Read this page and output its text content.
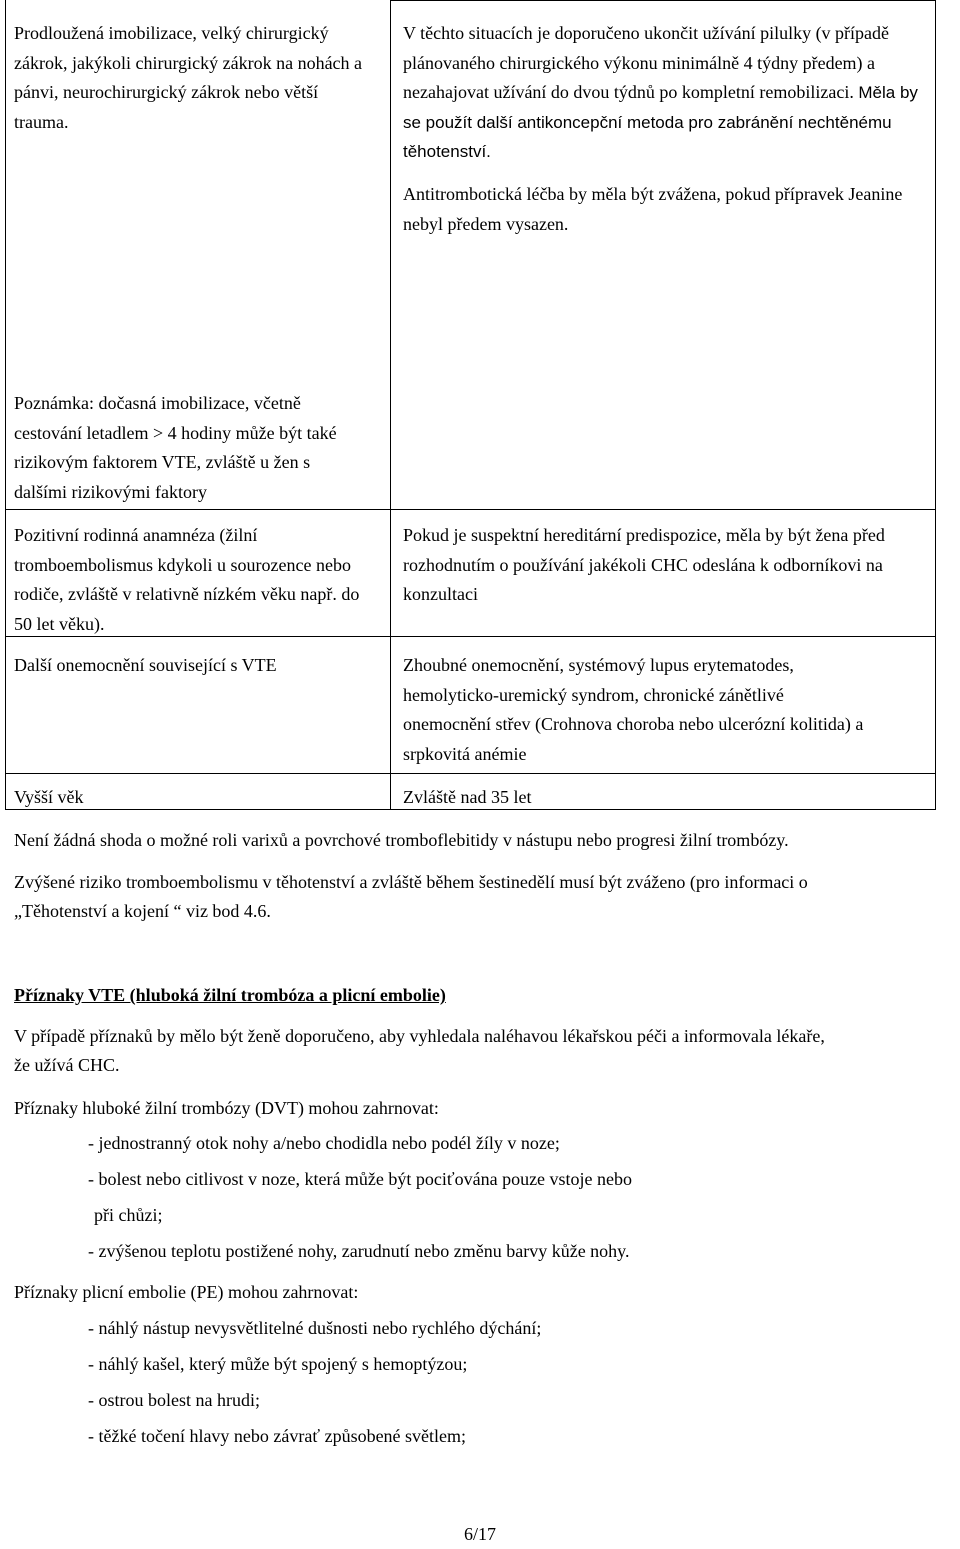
Prodloužená imobilizace, velký chirurgický zákrok, jakýkoli chirurgický zákrok na nohách a pánvi, neurochirurgický zákrok nebo větší trauma.
V těchto situacích je doporučeno ukončit užívání pilulky (v případě plánovaného chirurgického výkonu minimálně 4 týdny předem) a nezahajovat užívání do dvou týdnů po kompletní remobilizaci. Měla by se použít další antikoncepční metoda pro zabránění nechtěnému těhotenství.
Antitrombotická léčba by měla být zvážena, pokud přípravek Jeanine nebyl předem vysazen.
Poznámka: dočasná imobilizace, včetně cestování letadlem > 4 hodiny může být také rizikovým faktorem VTE, zvláště u žen s dalšími rizikovými faktory
Pozitivní rodinná anamnéza (žilní tromboembolismus kdykoli u sourozence nebo rodiče, zvláště v relativně nízkém věku např. do 50 let věku).
Pokud je suspektní hereditární predispozice, měla by být žena před rozhodnutím o používání jakékoli CHC odeslána k odborníkovi na konzultaci
Další onemocnění související s VTE	Zhoubné onemocnění, systémový lupus erytematodes, hemolyticko-uremický syndrom, chronické zánětlivé onemocnění střev (Crohnova choroba nebo ulcerózní kolitida) a srpkovitá anémie
Vyšší věk	Zvláště nad 35 let
Není žádná shoda o možné roli varixů a povrchové tromboflebitidy v nástupu nebo progresi žilní trombózy.
Zvýšené riziko tromboembolismu v těhotenství a zvláště během šestinedělí musí být zváženo (pro informaci o
„Těhotenství a kojení “ viz bod 4.6.
Příznaky VTE (hluboká žilní trombóza a plicní embolie)
V případě příznaků by mělo být ženě doporučeno, aby vyhledala naléhavou lékařskou péči a informovala lékaře,
že užívá CHC.
Příznaky hluboké žilní trombózy (DVT) mohou zahrnovat:
- jednostranný otok nohy a/nebo chodidla nebo podél žíly v noze;
- bolest nebo citlivost v noze, která může být pociťována pouze vstoje nebo
při chůzi;
- zvýšenou teplotu postižené nohy, zarudnutí nebo změnu barvy kůže nohy.
Příznaky plicní embolie (PE) mohou zahrnovat:
- náhlý nástup nevysvětlitelné dušnosti nebo rychlého dýchání;
- náhlý kašel, který může být spojený s hemoptýzou;
- ostrou bolest na hrudi;
- těžké točení hlavy nebo závrať způsobené světlem;
6/17
